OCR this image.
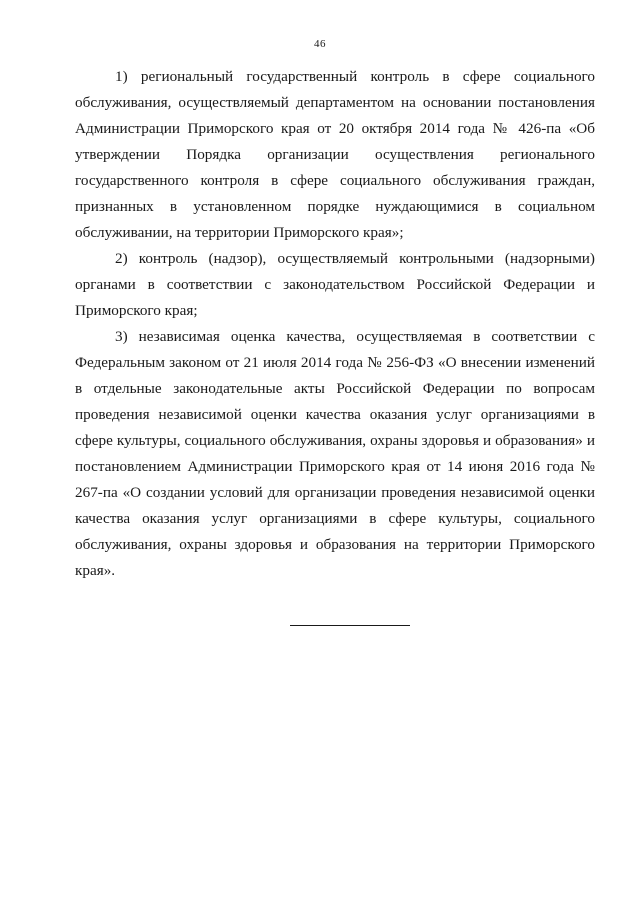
46

1) региональный государственный контроль в сфере социального обслуживания, осуществляемый департаментом на основании постановления Администрации Приморского края от 20 октября 2014 года № 426-па «Об утверждении Порядка организации осуществления регионального государственного контроля в сфере социального обслуживания граждан, признанных в установленном порядке нуждающимися в социальном обслуживании, на территории Приморского края»;

2) контроль (надзор), осуществляемый контрольными (надзорными) органами в соответствии с законодательством Российской Федерации и Приморского края;

3) независимая оценка качества, осуществляемая в соответствии с Федеральным законом от 21 июля 2014 года № 256-ФЗ «О внесении изменений в отдельные законодательные акты Российской Федерации по вопросам проведения независимой оценки качества оказания услуг организациями в сфере культуры, социального обслуживания, охраны здоровья и образования» и постановлением Администрации Приморского края от 14 июня 2016 года № 267-па «О создании условий для организации проведения независимой оценки качества оказания услуг организациями в сфере культуры, социального обслуживания, охраны здоровья и образования на территории Приморского края».
